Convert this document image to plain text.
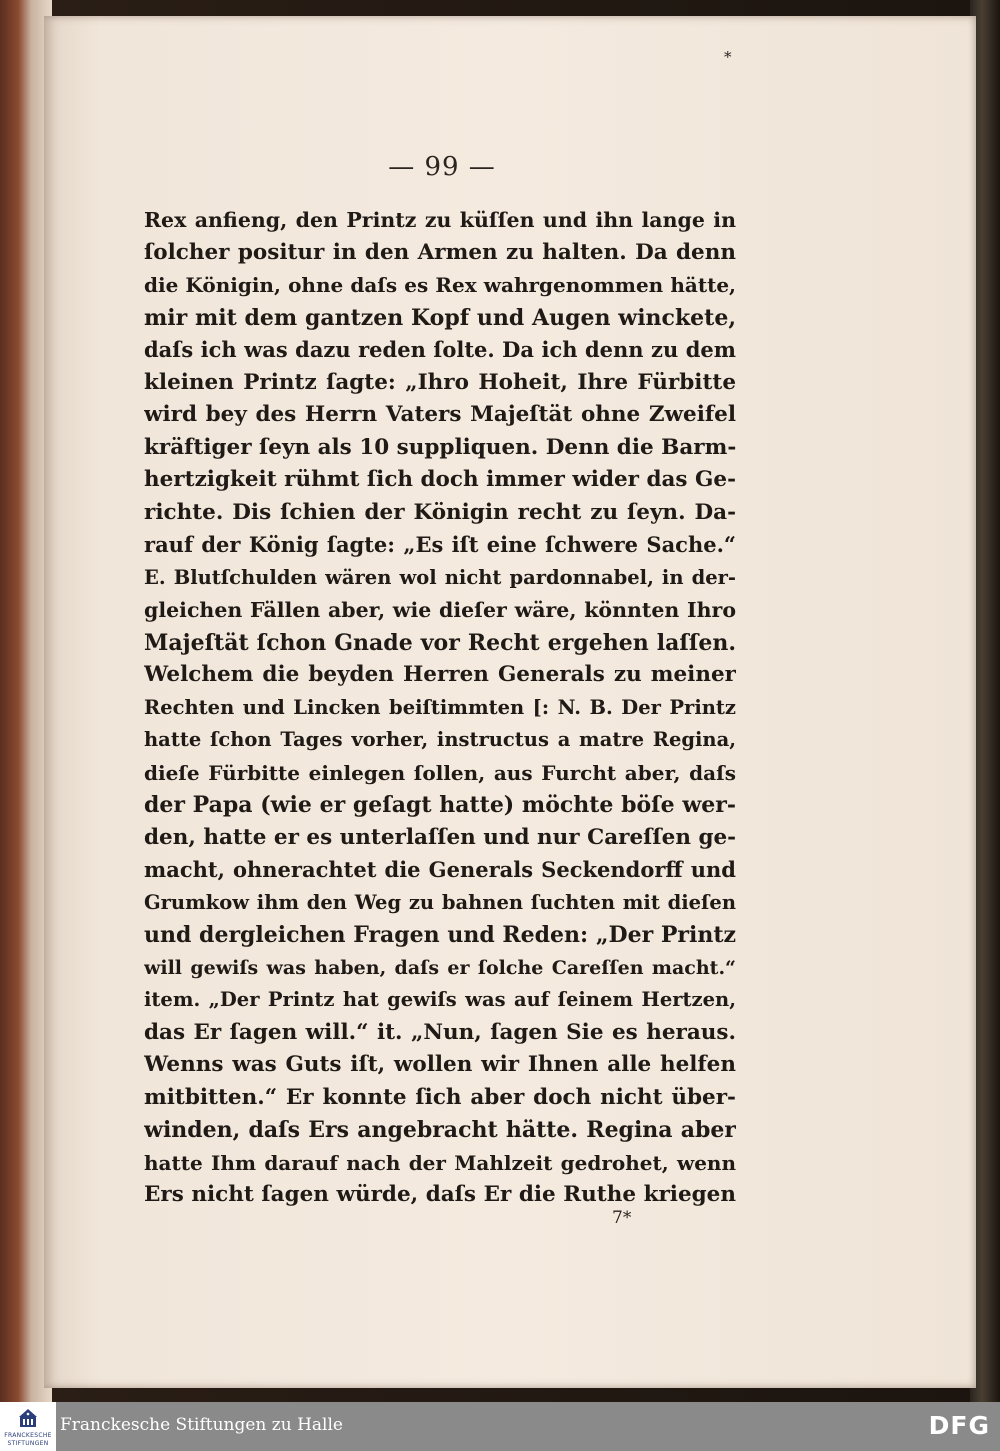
*
— 99 —
Rex anfieng, den Printz zu küſſen und ihn lange in
ſolcher positur in den Armen zu halten. Da denn
die Königin, ohne daſs es Rex wahrgenommen hätte,
mir mit dem gantzen Kopf und Augen winckete,
daſs ich was dazu reden ſolte. Da ich denn zu dem
kleinen Printz ſagte: „Ihro Hoheit, Ihre Fürbitte
wird bey des Herrn Vaters Majeſtät ohne Zweifel
kräftiger ſeyn als 10 suppliquen. Denn die Barm-
hertzigkeit rühmt ſich doch immer wider das Ge-
richte. Dis ſchien der Königin recht zu ſeyn. Da-
rauf der König ſagte: „Es iſt eine ſchwere Sache.“
E. Blutſchulden wären wol nicht pardonnabel, in der-
gleichen Fällen aber, wie dieſer wäre, könnten Ihro
Majeſtät ſchon Gnade vor Recht ergehen laſſen.
Welchem die beyden Herren Generals zu meiner
Rechten und Lincken beiſtimmten [: N. B. Der Printz
hatte ſchon Tages vorher, instructus a matre Regina,
dieſe Fürbitte einlegen ſollen, aus Furcht aber, daſs
der Papa (wie er geſagt hatte) möchte böſe wer-
den, hatte er es unterlaſſen und nur Careſſen ge-
macht, ohnerachtet die Generals Seckendorff und
Grumkow ihm den Weg zu bahnen ſuchten mit dieſen
und dergleichen Fragen und Reden: „Der Printz
will gewiſs was haben, daſs er ſolche Careſſen macht.“
item. „Der Printz hat gewiſs was auf ſeinem Hertzen,
das Er ſagen will.“ it. „Nun, ſagen Sie es heraus.
Wenns was Guts iſt, wollen wir Ihnen alle helfen
mitbitten.“ Er konnte ſich aber doch nicht über-
winden, daſs Ers angebracht hätte. Regina aber
hatte Ihm darauf nach der Mahlzeit gedrohet, wenn
Ers nicht ſagen würde, daſs Er die Ruthe kriegen
7*
FRANCKESCHE
STIFTUNGEN
Franckesche Stiftungen zu Halle	DFG
